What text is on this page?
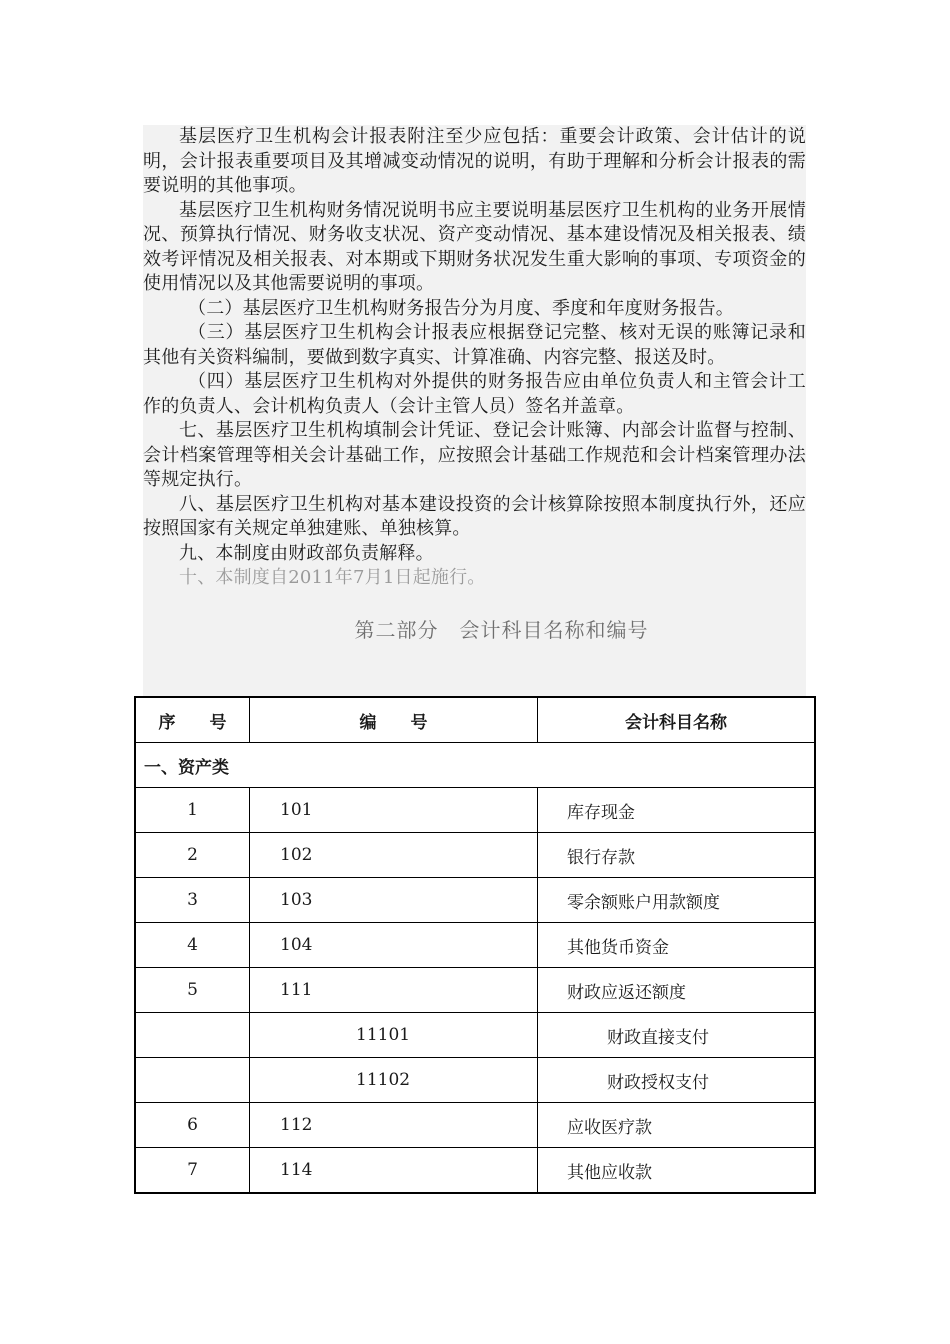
基层医疗卫生机构会计报表附注至少应包括：重要会计政策、会计估计的说明，会计报表重要项目及其增减变动情况的说明，有助于理解和分析会计报表的需要说明的其他事项。

基层医疗卫生机构财务情况说明书应主要说明基层医疗卫生机构的业务开展情况、预算执行情况、财务收支状况、资产变动情况、基本建设情况及相关报表、绩效考评情况及相关报表、对本期或下期财务状况发生重大影响的事项、专项资金的使用情况以及其他需要说明的事项。

（二）基层医疗卫生机构财务报告分为月度、季度和年度财务报告。

（三）基层医疗卫生机构会计报表应根据登记完整、核对无误的账簿记录和其他有关资料编制，要做到数字真实、计算准确、内容完整、报送及时。

（四）基层医疗卫生机构对外提供的财务报告应由单位负责人和主管会计工作的负责人、会计机构负责人（会计主管人员）签名并盖章。

七、基层医疗卫生机构填制会计凭证、登记会计账簿、内部会计监督与控制、会计档案管理等相关会计基础工作，应按照会计基础工作规范和会计档案管理办法等规定执行。

八、基层医疗卫生机构对基本建设投资的会计核算除按照本制度执行外，还应按照国家有关规定单独建账、单独核算。

九、本制度由财政部负责解释。

十、本制度自2011年7月1日起施行。

第二部分　会计科目名称和编号
序　　号	编　　号	会计科目名称
一、资产类		
1	101	库存现金
2	102	银行存款
3	103	零余额账户用款额度
4	104	其他货币资金
5	111	财政应返还额度
	11101	财政直接支付
	11102	财政授权支付
6	112	应收医疗款
7	114	其他应收款
